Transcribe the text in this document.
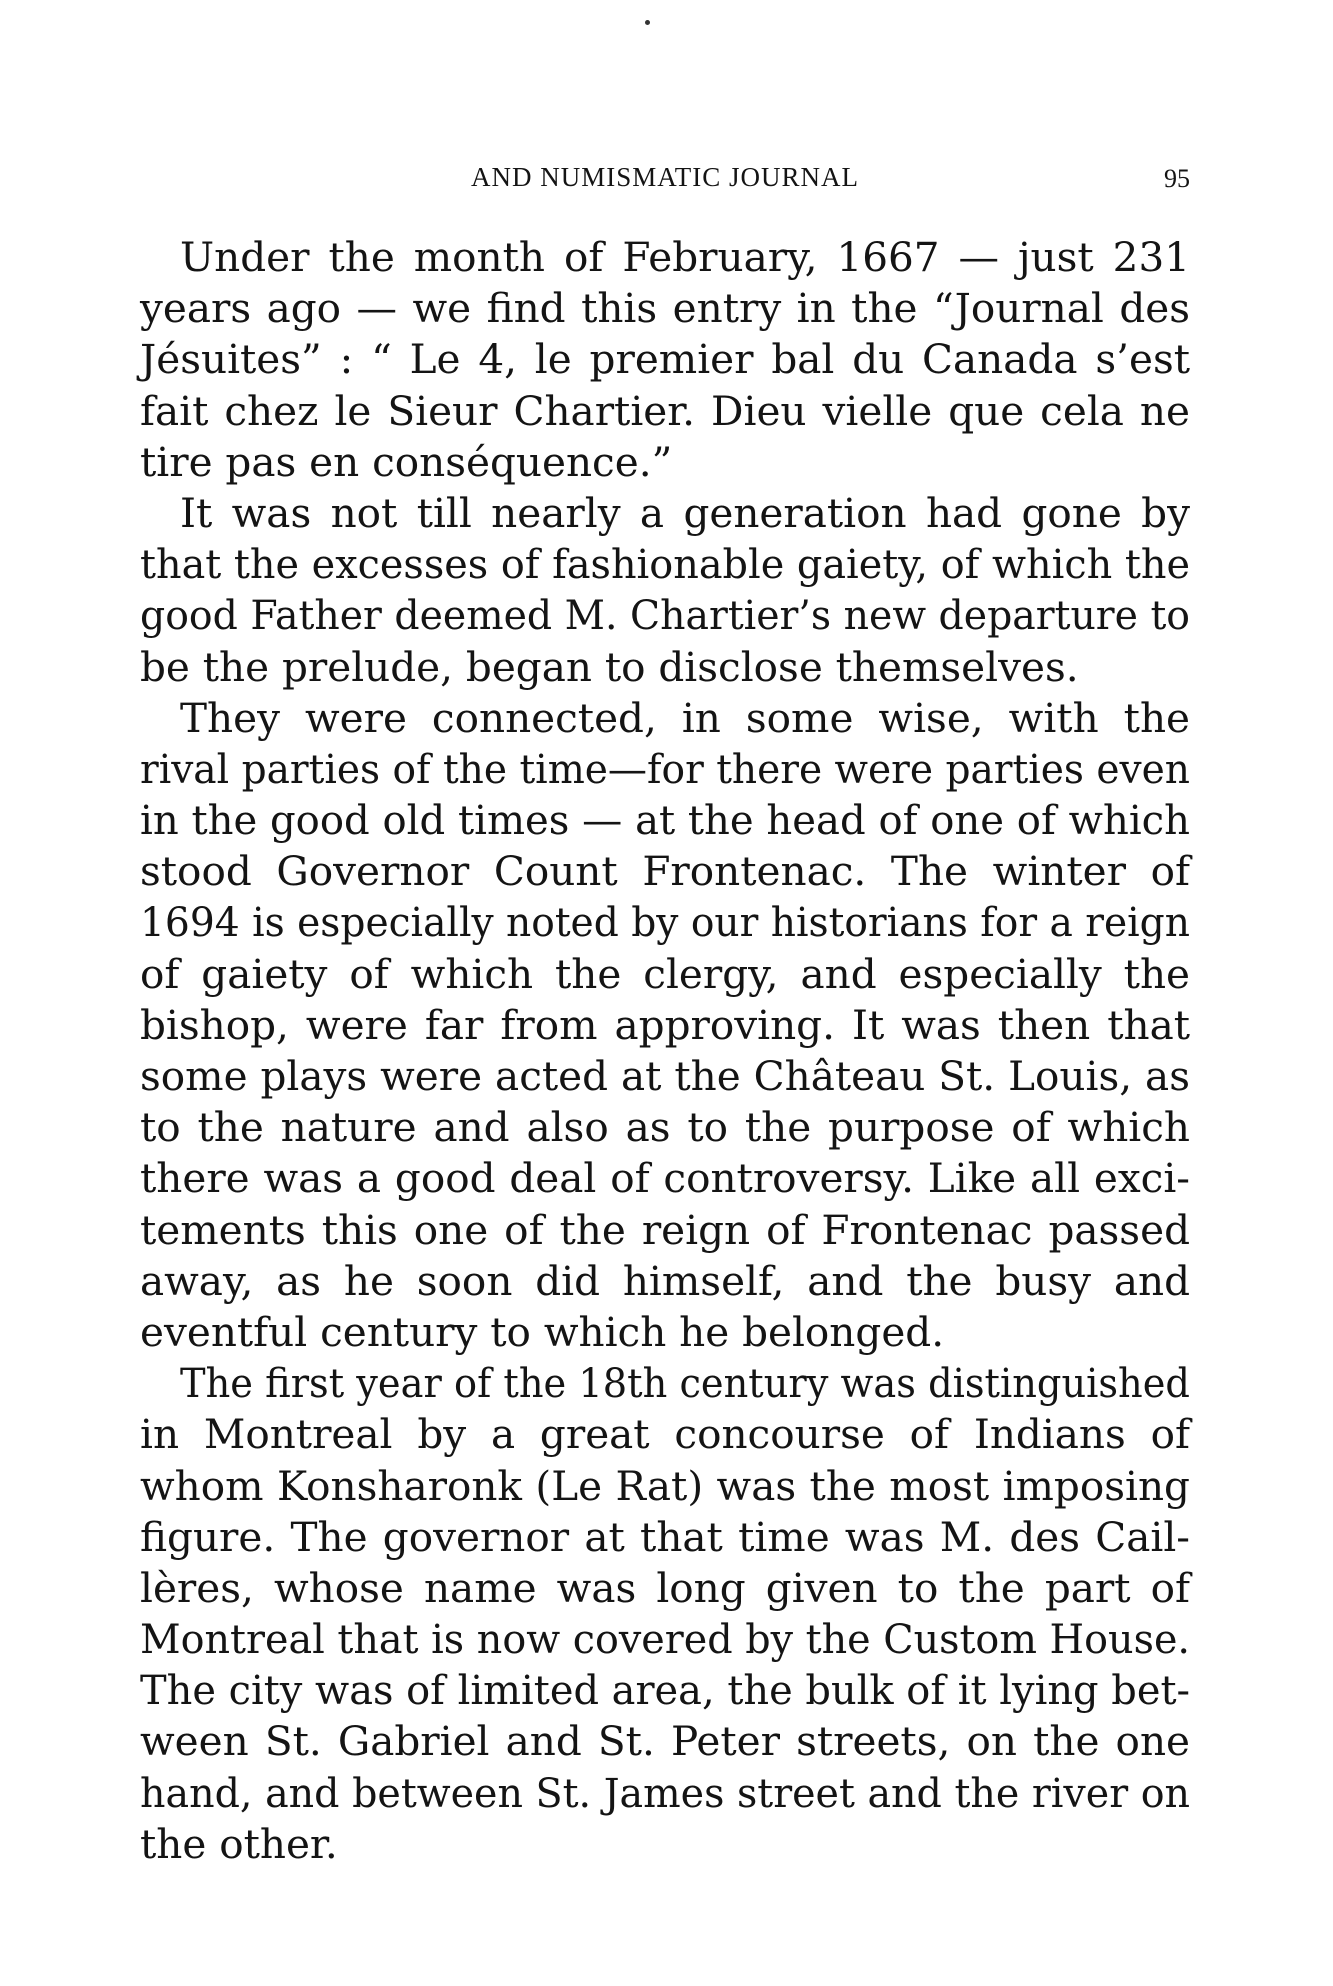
AND NUMISMATIC JOURNAL	95
Under the month of February, 1667 — just 231
years ago — we find this entry in the “Journal des
Jésuites” : “ Le 4, le premier bal du Canada s’est
fait chez le Sieur Chartier. Dieu vielle que cela ne
tire pas en conséquence.”
It was not till nearly a generation had gone by
that the excesses of fashionable gaiety, of which the
good Father deemed M. Chartier’s new departure to
be the prelude, began to disclose themselves.
They were connected, in some wise, with the
rival parties of the time—for there were parties even
in the good old times — at the head of one of which
stood Governor Count Frontenac. The winter of
1694 is especially noted by our historians for a reign
of gaiety of which the clergy, and especially the
bishop, were far from approving. It was then that
some plays were acted at the Château St. Louis, as
to the nature and also as to the purpose of which
there was a good deal of controversy. Like all exci-
tements this one of the reign of Frontenac passed
away, as he soon did himself, and the busy and
eventful century to which he belonged.
The first year of the 18th century was distinguished
in Montreal by a great concourse of Indians of
whom Konsharonk (Le Rat) was the most imposing
figure. The governor at that time was M. des Cail-
lères, whose name was long given to the part of
Montreal that is now covered by the Custom House.
The city was of limited area, the bulk of it lying bet-
ween St. Gabriel and St. Peter streets, on the one
hand, and between St. James street and the river on
the other.
